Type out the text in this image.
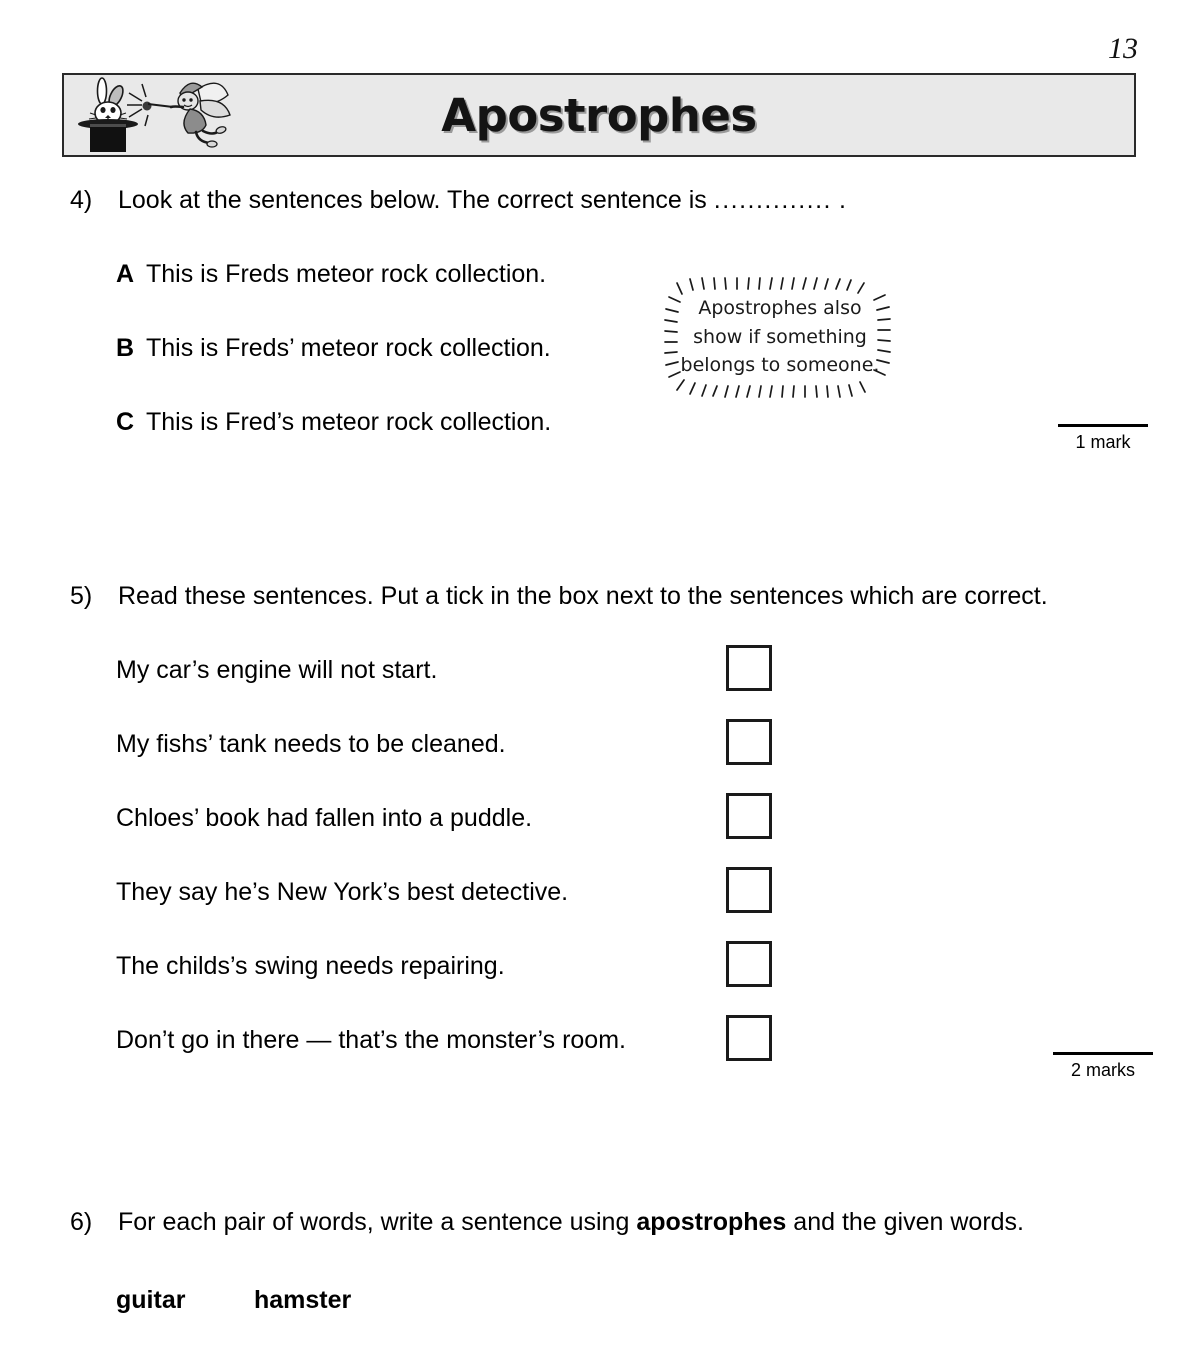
13
Apostrophes
4) Look at the sentences below. The correct sentence is .............. .
A This is Freds meteor rock collection.
B This is Freds’ meteor rock collection.
C This is Fred’s meteor rock collection.
Apostrophes also
show if something
belongs to someone.
1 mark
5) Read these sentences. Put a tick in the box next to the sentences which are correct.
My car’s engine will not start.
My fishs’ tank needs to be cleaned.
Chloes’ book had fallen into a puddle.
They say he’s New York’s best detective.
The childs’s swing needs repairing.
Don’t go in there — that’s the monster’s room.
2 marks
6) For each pair of words, write a sentence using apostrophes and the given words.
guitar	hamster
